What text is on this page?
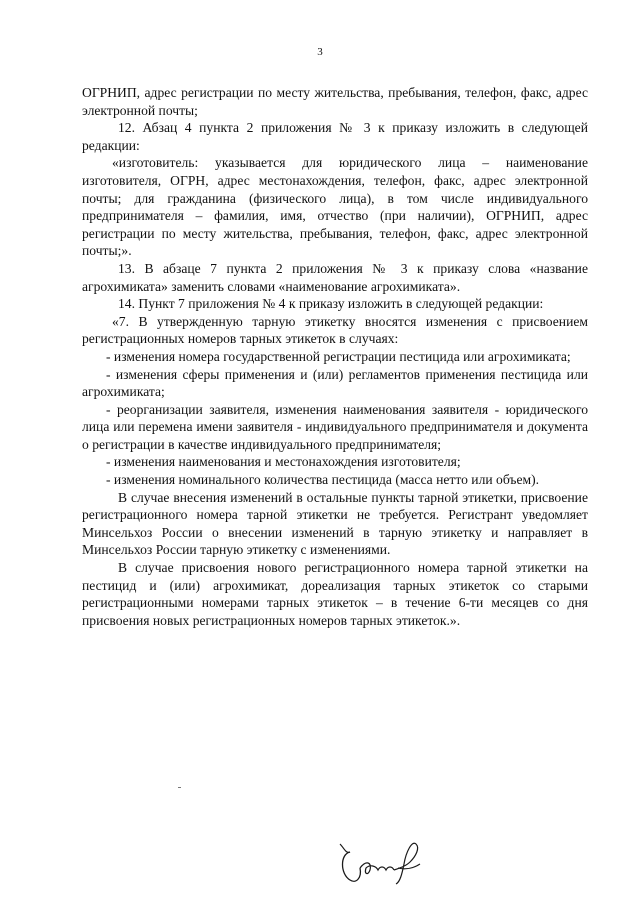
3

ОГРНИП, адрес регистрации по месту жительства, пребывания, телефон, факс, адрес электронной почты;

12. Абзац 4 пункта 2 приложения № 3 к приказу изложить в следующей редакции:

«изготовитель: указывается для юридического лица – наименование изготовителя, ОГРН, адрес местонахождения, телефон, факс, адрес электронной почты; для гражданина (физического лица), в том числе индивидуального предпринимателя – фамилия, имя, отчество (при наличии), ОГРНИП, адрес регистрации по месту жительства, пребывания, телефон, факс, адрес электронной почты;».

13. В абзаце 7 пункта 2 приложения № 3 к приказу слова «название агрохимиката» заменить словами «наименование агрохимиката».

14. Пункт 7 приложения № 4 к приказу изложить в следующей редакции:

«7. В утвержденную тарную этикетку вносятся изменения с присвоением регистрационных номеров тарных этикеток в случаях:

- изменения номера государственной регистрации пестицида или агрохимиката;

- изменения сферы применения и (или) регламентов применения пестицида или агрохимиката;

- реорганизации заявителя, изменения наименования заявителя - юридического лица или перемена имени заявителя - индивидуального предпринимателя и документа о регистрации в качестве индивидуального предпринимателя;

- изменения наименования и местонахождения изготовителя;

- изменения номинального количества пестицида (масса нетто или объем).

В случае внесения изменений в остальные пункты тарной этикетки, присвоение регистрационного номера тарной этикетки не требуется. Регистрант уведомляет Минсельхоз России о внесении изменений в тарную этикетку и направляет в Минсельхоз России тарную этикетку с изменениями.

В случае присвоения нового регистрационного номера тарной этикетки на пестицид и (или) агрохимикат, дореализация тарных этикеток со старыми регистрационными номерами тарных этикеток – в течение 6-ти месяцев со дня присвоения новых регистрационных номеров тарных этикеток.».
